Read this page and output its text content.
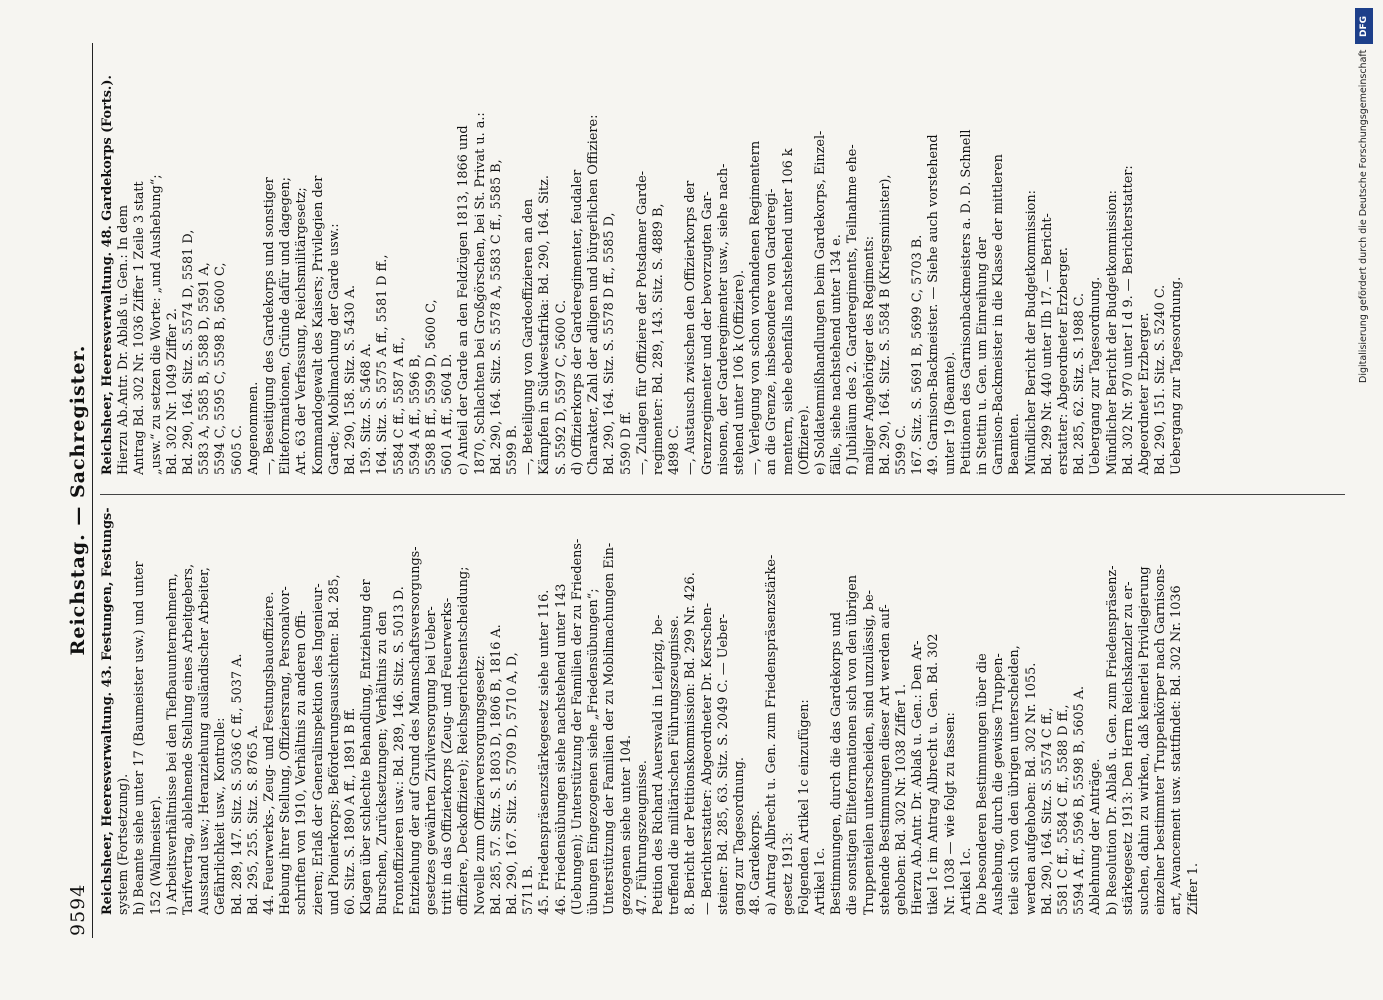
9594
Reichstag. — Sachregister.
Reichsheer, Heeresverwaltung. 43. Festungen, Festungs- system (Fortsetzung). h) Beamte siehe unter 17 (Baumeister usw.) und unter 152 (Wallmeister). i) Arbeitsverhältnisse bei den Tiefbauunternehmern, Tarifvertrag, ablehnende Stellung eines Arbeitgebers, Ausstand usw.; Heranziehung ausländischer Arbeiter, Gefährlichkeit usw., Kontrolle: Bd. 289, 147. Sitz. S. 5036 C ff., 5037 A. Bd. 295, 255. Sitz. S. 8765 A. 44. Feuerwerks-, Zeug- und Festungsbauoffiziere. Hebung ihrer Stellung, Offiziersrang, Personalvor- schriften von 1910, Verhältnis zu anderen Offi- zieren; Erlaß der Generalinspektion des Ingenieur- und Pionierkorps; Beförderungsaussichten: Bd. 285, 60. Sitz. S. 1890 A ff., 1891 B ff. Klagen über schlechte Behandlung, Entziehung der Burschen, Zurücksetzungen; Verhältnis zu den Frontoffizieren usw.: Bd. 289, 146. Sitz. S. 5013 D. Entziehung der auf Grund des Mannschaftsversorgungs- gesetzes gewährten Zivilversorgung bei Ueber- tritt in das Offizierkorps (Zeug- und Feuerwerks- offiziere, Deckoffiziere); Reichsgerichtsentscheidung; Novelle zum Offizierversorgungsgesetz: Bd. 285, 57. Sitz. S. 1803 D, 1806 B, 1816 A. Bd. 290, 167. Sitz. S. 5709 D, 5710 A, D, 5711 B. 45. Friedenspräsenzstärkegesetz siehe unter 116. 46. Friedensübungen siehe nachstehend unter 143 (Uebungen); Unterstützung der Familien der zu Friedens- übungen Eingezogenen siehe „Friedensübungen“; Unterstützung der Familien der zu Mobilmachungen Ein- gezogenen siehe unter 104. 47. Führungszeugnisse. Petition des Richard Auerswald in Leipzig, be- treffend die militärischen Führungszeugnisse. 8. Bericht der Petitionskommission: Bd. 299 Nr. 426. — Berichterstatter: Abgeordneter Dr. Kerschen- steiner: Bd. 285, 63. Sitz. S. 2049 C. — Ueber- gang zur Tagesordnung. 48. Gardekorps. a) Antrag Albrecht u. Gen. zum Friedenspräsenzstärke- gesetz 1913: Folgenden Artikel 1c einzufügen: Artikel 1c. Bestimmungen, durch die das Gardekorps und die sonstigen Eliteformationen sich von den übrigen Truppenteilen unterscheiden, sind unzulässig, be- stehende Bestimmungen dieser Art werden auf- gehoben: Bd. 302 Nr. 1038 Ziffer 1. Hierzu Ab.Antr. Dr. Ablaß u. Gen.: Den Ar- tikel 1c im Antrag Albrecht u. Gen. Bd. 302 Nr. 1038 — wie folgt zu fassen: Artikel 1c. Die besonderen Bestimmungen über die Aushebung, durch die gewisse Truppen- teile sich von den übrigen unterscheiden, werden aufgehoben: Bd. 302 Nr. 1055. Bd. 290, 164. Sitz. S. 5574 C ff., 5581 C ff., 5584 C ff., 5588 D ff., 5594 A ff., 5596 B, 5598 B, 5605 A. Ablehnung der Anträge. b) Resolution Dr. Ablaß u. Gen. zum Friedenspräsenz- stärkegesetz 1913: Den Herrn Reichskanzler zu er- suchen, dahin zu wirken, daß keinerlei Privilegierung einzelner bestimmter Truppenkörper nach Garnisons- art, Avancement usw. stattfindet: Bd. 302 Nr. 1036 Ziffer 1.
Reichsheer, Heeresverwaltung. 48. Gardekorps (Forts.). Hierzu Ab.Antr. Dr. Ablaß u. Gen.: In dem Antrag Bd. 302 Nr. 1036 Ziffer 1 Zeile 3 statt „usw.“ zu setzen die Worte: „und Aushebung“; Bd. 302 Nr. 1049 Ziffer 2. Bd. 290, 164. Sitz. S. 5574 D, 5581 D, 5583 A, 5585 B, 5588 D, 5591 A, 5594 C, 5595 C, 5598 B, 5600 C, 5605 C. Angenommen. —, Beseitigung des Gardekorps und sonstiger Eliteformationen, Gründe dafür und dagegen; Art. 63 der Verfassung, Reichsmilitärgesetz; Kommandogewalt des Kaisers; Privilegien der Garde; Mobilmachung der Garde usw.: Bd. 290, 158. Sitz. S. 5430 A. 159. Sitz. S. 5468 A. 164. Sitz. S. 5575 A ff., 5581 D ff., 5584 C ff., 5587 A ff., 5594 A ff., 5596 B, 5598 B ff., 5599 D, 5600 C, 5601 A ff., 5604 D. c) Anteil der Garde an den Feldzügen 1813, 1866 und 1870, Schlachten bei Großgörschen, bei St. Privat u. a.: Bd. 290, 164. Sitz. S. 5578 A, 5583 C ff., 5585 B, 5599 B. —, Beteiligung von Gardeoffizieren an den Kämpfen in Südwestafrika: Bd. 290, 164. Sitz. S. 5592 D, 5597 C, 5600 C. d) Offizierkorps der Garderegimenter, feudaler Charakter, Zahl der adligen und bürgerlichen Offiziere: Bd. 290, 164. Sitz. S. 5578 D ff., 5585 D, 5590 D ff. —, Zulagen für Offiziere der Potsdamer Garde- regimenter: Bd. 289, 143. Sitz. S. 4889 B, 4898 C. —, Austausch zwischen den Offizierkorps der Grenzregimenter und der bevorzugten Gar- nisonen, der Garderegimenter usw., siehe nach- stehend unter 106 k (Offiziere). —, Verlegung von schon vorhandenen Regimentern an die Grenze, insbesondere von Garderegi- mentern, siehe ebenfalls nachstehend unter 106 k (Offiziere). e) Soldatenmißhandlungen beim Gardekorps, Einzel- fälle, siehe nachstehend unter 134 e. f) Jubiläum des 2. Garderegiments, Teilnahme ehe- maliger Angehöriger des Regiments: Bd. 290, 164. Sitz. S. 5584 B (Kriegsminister), 5599 C. 167. Sitz. S. 5691 B, 5699 C, 5703 B. 49. Garnison-Backmeister. — Siehe auch vorstehend unter 19 (Beamte). Petitionen des Garnisonbackmeisters a. D. D. Schnell in Stettin u. Gen. um Einreihung der Garnison-Backmeister in die Klasse der mittleren Beamten. Mündlicher Bericht der Budgetkommission: Bd. 299 Nr. 440 unter IIb 17. — Bericht- erstatter: Abgeordneter Erzberger. Bd. 285, 62. Sitz. S. 1988 C. Uebergang zur Tagesordnung. Mündlicher Bericht der Budgetkommission: Bd. 302 Nr. 970 unter I d 9. — Berichterstatter: Abgeordneter Erzberger. Bd. 290, 151. Sitz. S. 5240 C. Uebergang zur Tagesordnung.
DFG
Digitalisierung gefördert durch die Deutsche Forschungsgemeinschaft
